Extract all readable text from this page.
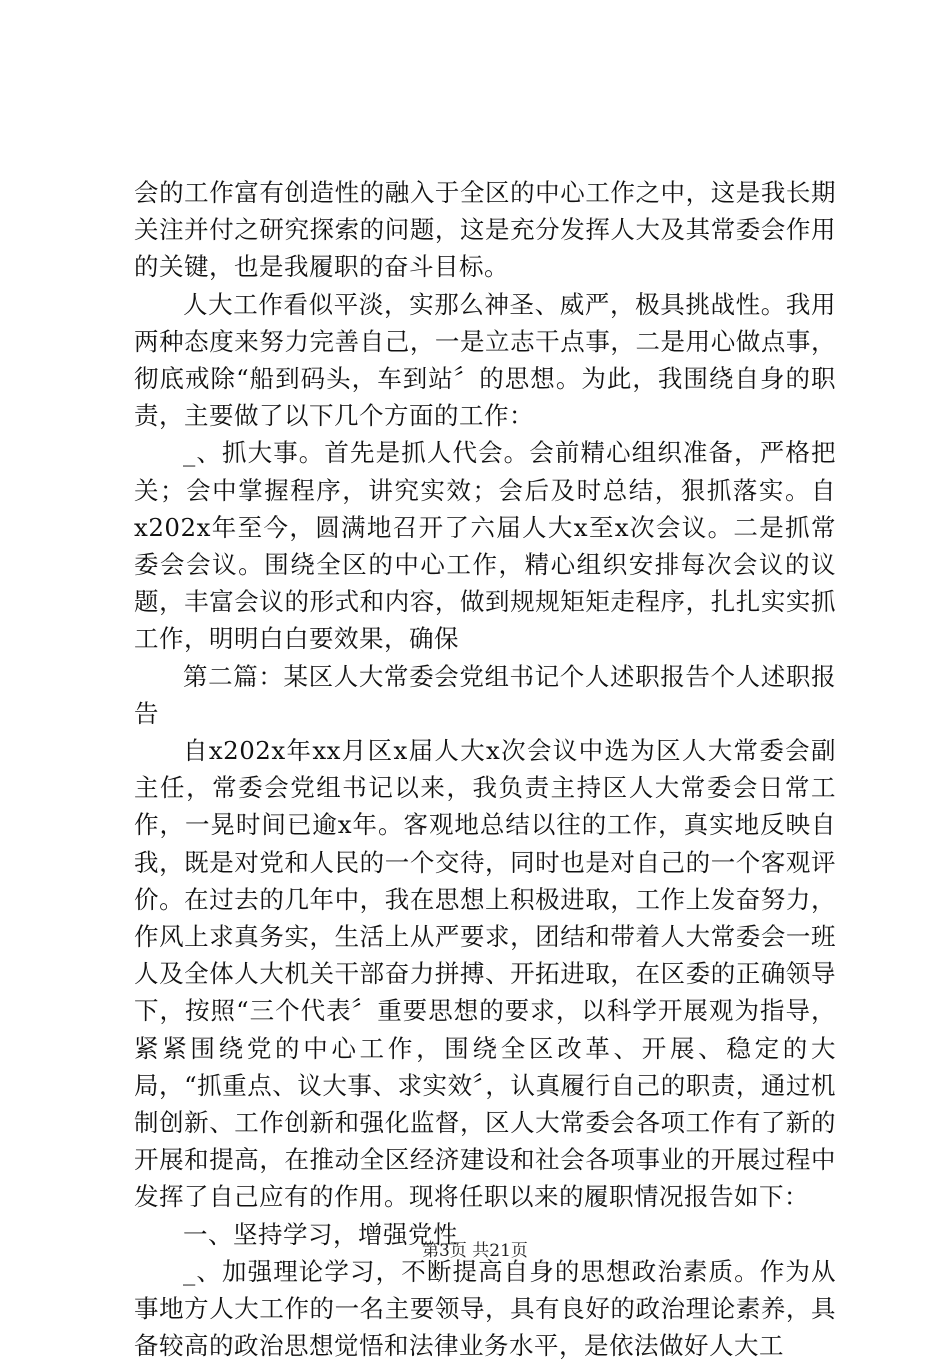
会的工作富有创造性的融入于全区的中心工作之中，这是我长期关注并付之研究探索的问题，这是充分发挥人大及其常委会作用的关键，也是我履职的奋斗目标。

人大工作看似平淡，实那么神圣、威严，极具挑战性。我用两种态度来努力完善自己，一是立志干点事，二是用心做点事，彻底戒除“船到码头，车到站〞的思想。为此，我围绕自身的职责，主要做了以下几个方面的工作：

_、抓大事。首先是抓人代会。会前精心组织准备，严格把关；会中掌握程序，讲究实效；会后及时总结，狠抓落实。自x202x年至今，圆满地召开了六届人大x至x次会议。二是抓常委会会议。围绕全区的中心工作，精心组织安排每次会议的议题，丰富会议的形式和内容，做到规规矩矩走程序，扎扎实实抓工作，明明白白要效果，确保

第二篇：某区人大常委会党组书记个人述职报告个人述职报告

自x202x年xx月区x届人大x次会议中选为区人大常委会副主任，常委会党组书记以来，我负责主持区人大常委会日常工作，一晃时间已逾x年。客观地总结以往的工作，真实地反映自我，既是对党和人民的一个交待，同时也是对自己的一个客观评价。在过去的几年中，我在思想上积极进取，工作上发奋努力，作风上求真务实，生活上从严要求，团结和带着人大常委会一班人及全体人大机关干部奋力拼搏、开拓进取，在区委的正确领导下，按照“三个代表〞重要思想的要求，以科学开展观为指导，紧紧围绕党的中心工作，围绕全区改革、开展、稳定的大局，“抓重点、议大事、求实效〞，认真履行自己的职责，通过机制创新、工作创新和强化监督，区人大常委会各项工作有了新的开展和提高，在推动全区经济建设和社会各项事业的开展过程中发挥了自己应有的作用。现将任职以来的履职情况报告如下：

一、坚持学习，增强党性

_、加强理论学习，不断提高自身的思想政治素质。作为从事地方人大工作的一名主要领导，具有良好的政治理论素养，具备较高的政治思想觉悟和法律业务水平，是依法做好人大工

第3页 共21页
